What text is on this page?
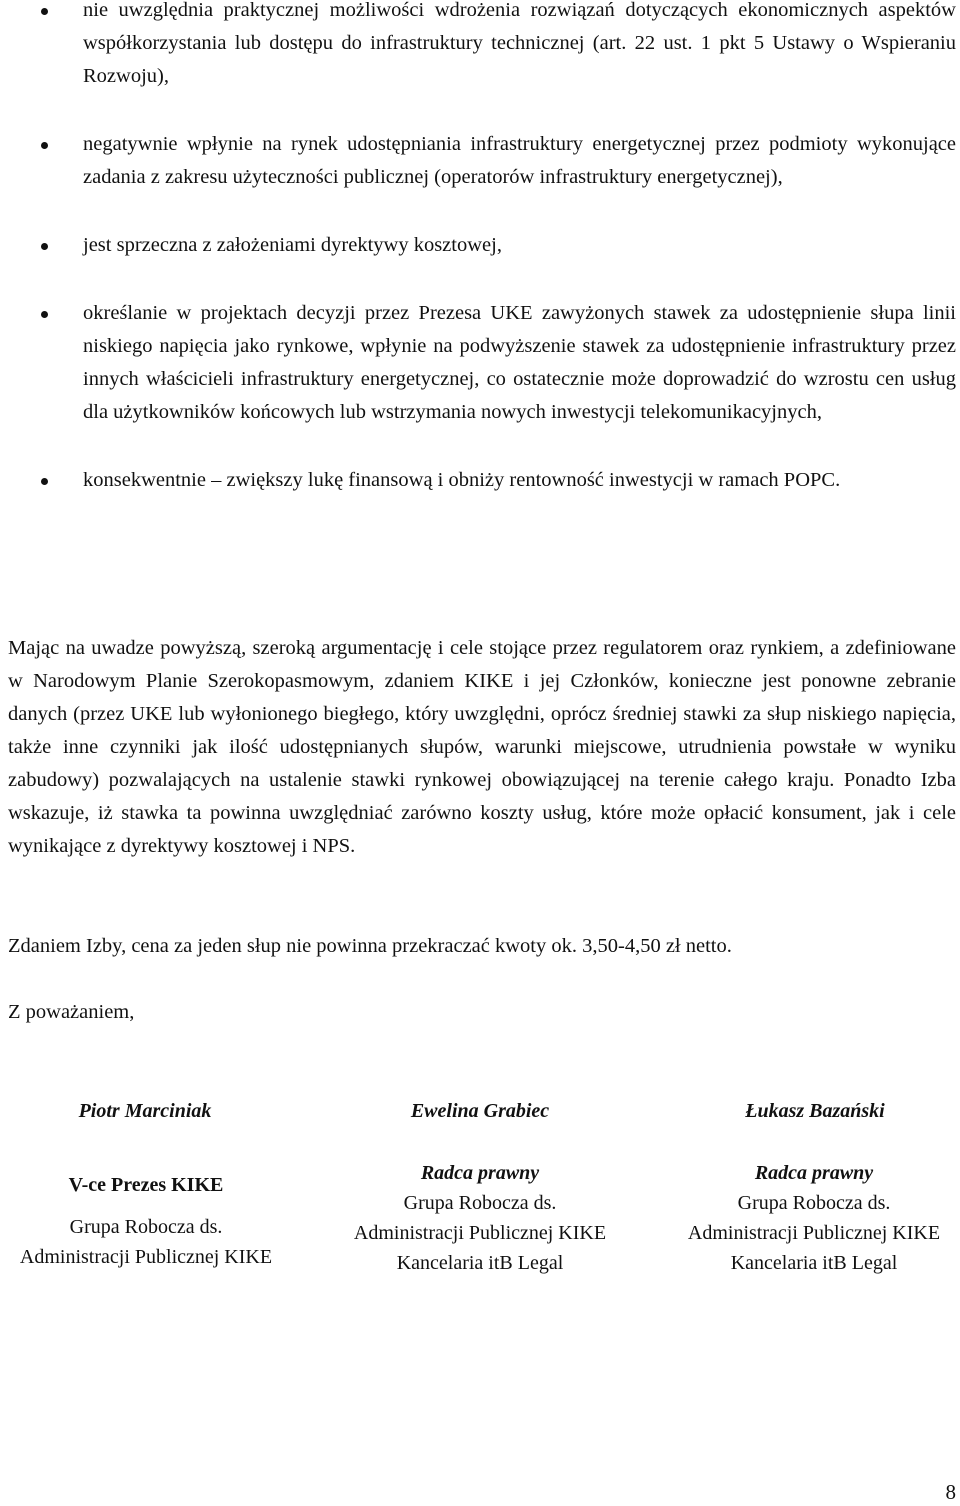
nie uwzględnia praktycznej możliwości wdrożenia rozwiązań dotyczących ekonomicznych aspektów współkorzystania lub dostępu do infrastruktury technicznej (art. 22 ust. 1 pkt 5 Ustawy o Wspieraniu Rozwoju),
negatywnie wpłynie na rynek udostępniania infrastruktury energetycznej przez podmioty wykonujące zadania z zakresu użyteczności publicznej (operatorów infrastruktury energetycznej),
jest sprzeczna z założeniami dyrektywy kosztowej,
określanie w projektach decyzji przez Prezesa UKE zawyżonych stawek za udostępnienie słupa linii niskiego napięcia jako rynkowe, wpłynie na podwyższenie stawek za udostępnienie infrastruktury przez innych właścicieli infrastruktury energetycznej, co ostatecznie może doprowadzić do wzrostu cen usług dla użytkowników końcowych lub wstrzymania nowych inwestycji telekomunikacyjnych,
konsekwentnie – zwiększy lukę finansową i obniży rentowność inwestycji w ramach POPC.

Mając na uwadze powyższą, szeroką argumentację i cele stojące przez regulatorem oraz rynkiem, a zdefiniowane w Narodowym Planie Szerokopasmowym, zdaniem KIKE i jej Członków, konieczne jest ponowne zebranie danych (przez UKE lub wyłonionego biegłego, który uwzględni, oprócz średniej stawki za słup niskiego napięcia, także inne czynniki jak ilość udostępnianych słupów, warunki miejscowe, utrudnienia powstałe w wyniku zabudowy) pozwalających na ustalenie stawki rynkowej obowiązującej na terenie całego kraju. Ponadto Izba wskazuje, iż stawka ta powinna uwzględniać zarówno koszty usług, które może opłacić konsument, jak i cele wynikające z dyrektywy kosztowej i NPS.

Zdaniem Izby, cena za jeden słup nie powinna przekraczać kwoty ok. 3,50-4,50 zł netto.

Z poważaniem,

Piotr Marciniak	Ewelina Grabiec	Łukasz Bazański
V-ce Prezes KIKE
Grupa Robocza ds.
Administracji Publicznej KIKE
Radca prawny
Grupa Robocza ds.
Administracji Publicznej KIKE
Kancelaria itB Legal
Radca prawny
Grupa Robocza ds.
Administracji Publicznej KIKE
Kancelaria itB Legal
8
